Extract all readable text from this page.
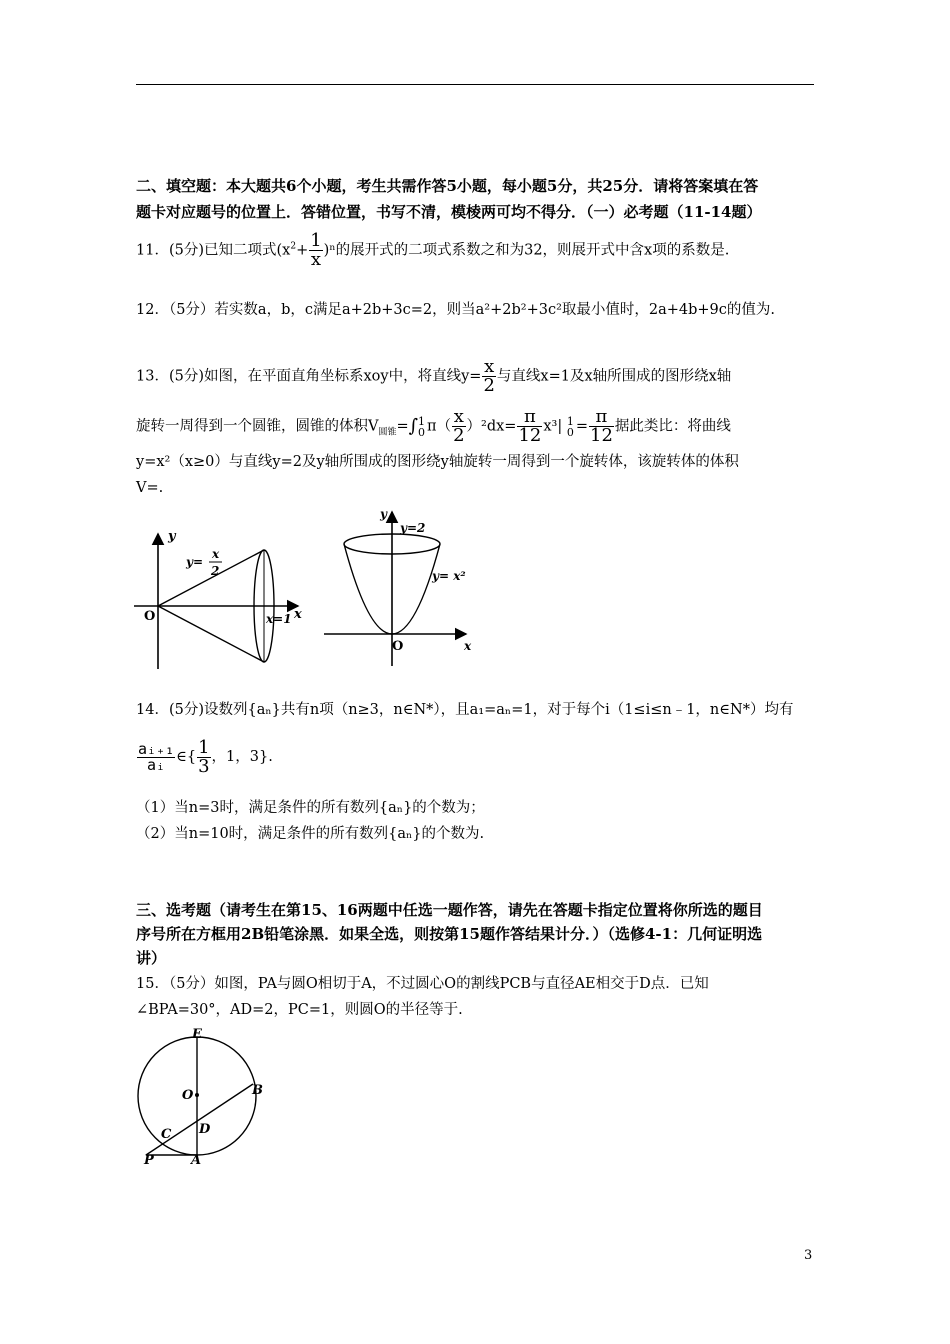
二、填空题：本大题共6个小题，考生共需作答5小题，每小题5分，共25分．请将答案填在答
题卡对应题号的位置上．答错位置，书写不清，模棱两可均不得分．（一）必考题（11-14题）
11．(5分)已知二项式$(x^2+ \frac{1}{x} )^n$的展开式的二项式系数之和为32，则展开式中含x项的系数是.
12．（5分）若实数a，b，c满足a+2b+3c=2，则当a²+2b²+3c²取最小值时，2a+4b+9c的值为.
13．(5分)如图，在平面直角坐标系xoy中，将直线$y= \frac{x}{2}$ 与直线x=1及x轴所围成的图形绕x轴
旋转一周得到一个圆锥，圆锥的体积$V_{圆锥}=\int 1$
0 $\pi( \frac{x}{2} )^2dx= \frac{\pi}{12} x^3|$ 1
$0 = \frac{\pi}{12}$ 据此类比：将曲线
y=x²（x≥0）与直线y=2及y轴所围成的图形绕y轴旋转一周得到一个旋转体，该旋转体的体积
V=.
y
x
O
y=
x
2
x=1
y
x
O
y=2
y= x²
14．(5分)设数列{aₙ}共有n项（n≥3，n∈N*），且a₁=aₙ=1，对于每个i（1≤i≤n﹣1，n∈N*）均有
$\frac{\text{aᵢ₊₁}}{\text{aᵢ}}$ ∈{ $\frac{1}{3}$ ，1，3}.
（1）当n=3时，满足条件的所有数列{aₙ}的个数为；
（2）当n=10时，满足条件的所有数列{aₙ}的个数为.
三、选考题（请考生在第15、16两题中任选一题作答，请先在答题卡指定位置将你所选的题目
序号所在方框用2B铅笔涂黑．如果全选，则按第15题作答结果计分．）（选修4-1：几何证明选
讲）
15．（5分）如图，PA与圆O相切于A，不过圆心O的割线PCB与直径AE相交于D点．已知
∠BPA=30°，AD=2，PC=1，则圆O的半径等于.
E
O	B
C D
P	A
3
